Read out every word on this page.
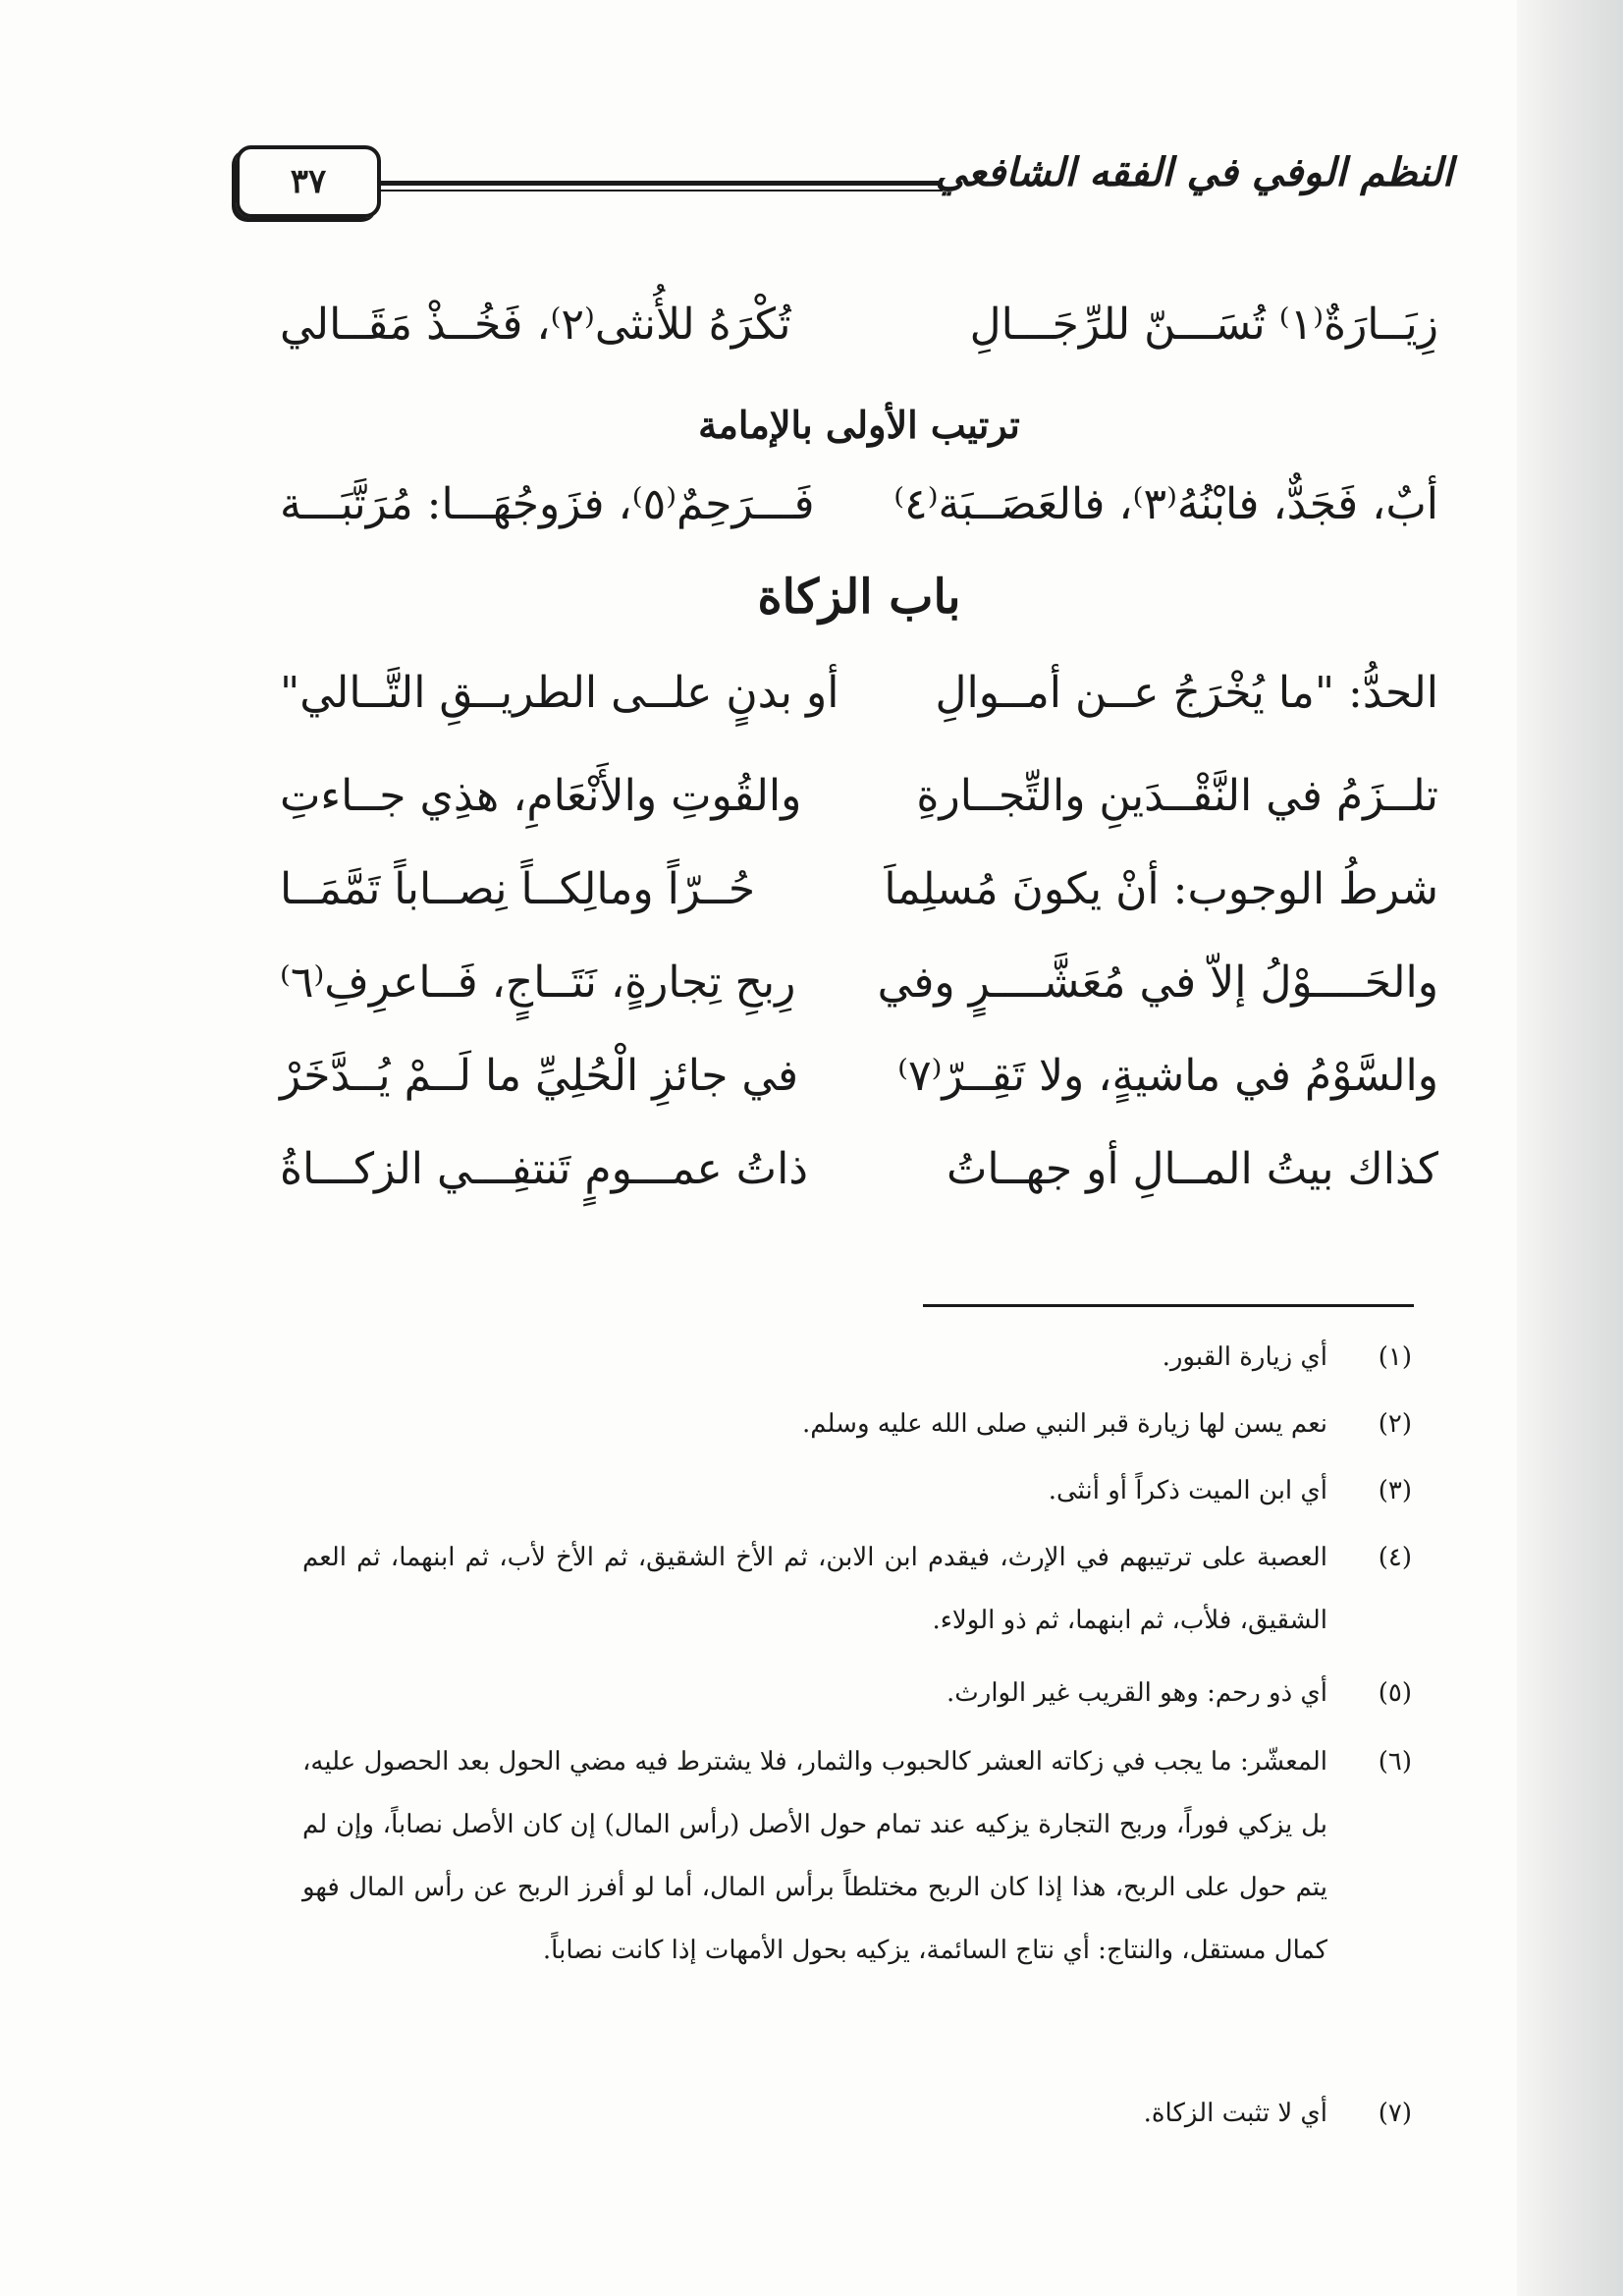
النظم الوفي في الفقه الشافعي
٣٧
زِيَــارَةٌ⁽١⁾ تُسَـــنّ للرِّجَـــالِ
تُكْرَهُ للأُنثى⁽٢⁾، فَخُــذْ مَقَــالي
ترتيب الأولى بالإمامة
أبٌ، فَجَدٌّ، فابْنُهُ⁽٣⁾، فالعَصَــبَة⁽٤⁾
فَـــرَحِمٌ⁽٥⁾، فزَوجُهَـــا: مُرَتَّبَـــة
باب الزكاة
الحدُّ: "ما يُخْرَجُ عــن أمــوالِ
أو بدنٍ علــى الطريــقِ التَّــالي"
تلــزَمُ في النَّقْــدَينِ والتِّجــارةِ
والقُوتِ والأَنْعَامِ، هذِي جــاءتِ
شرطُ الوجوب: أنْ يكونَ مُسلِماَ
حُــرّاً ومالِكــاً نِصــاباً تَمَّمَــا
والحَــــوْلُ إلاّ في مُعَشَّــــرٍ وفي
رِبحِ تِجارةٍ، نَتَــاجٍ، فَــاعرِفِ⁽٦⁾
والسَّوْمُ في ماشيةٍ، ولا تَقِــرّ⁽٧⁾
في جائزِ الْحُلِيِّ ما لَــمْ يُــدَّخَرْ
كذاك بيتُ المــالِ أو جهــاتُ
ذاتُ عمـــومٍ تَنتفِـــي الزكـــاةُ
(١)
أي زيارة القبور.
(٢)
نعم يسن لها زيارة قبر النبي صلى الله عليه وسلم.
(٣)
أي ابن الميت ذكراً أو أنثى.
(٤)
العصبة على ترتيبهم في الإرث، فيقدم ابن الابن، ثم الأخ الشقيق، ثم الأخ لأب، ثم ابنهما، ثم العم الشقيق، فلأب، ثم ابنهما، ثم ذو الولاء.
(٥)
أي ذو رحم: وهو القريب غير الوارث.
(٦)
المعشّر: ما يجب في زكاته العشر كالحبوب والثمار، فلا يشترط فيه مضي الحول بعد الحصول عليه، بل يزكي فوراً، وربح التجارة يزكيه عند تمام حول الأصل (رأس المال) إن كان الأصل نصاباً، وإن لم يتم حول على الربح، هذا إذا كان الربح مختلطاً برأس المال، أما لو أفرز الربح عن رأس المال فهو كمال مستقل، والنتاج: أي نتاج السائمة، يزكيه بحول الأمهات إذا كانت نصاباً.
(٧)
أي لا تثبت الزكاة.
